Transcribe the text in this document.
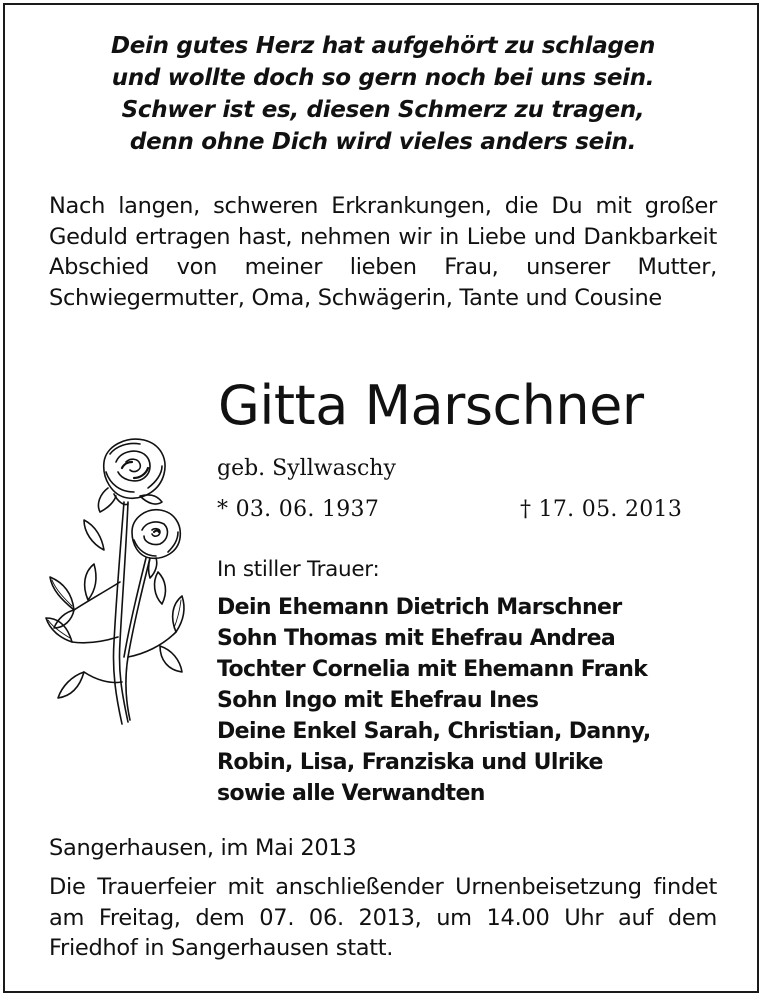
Dein gutes Herz hat aufgehört zu schlagen
und wollte doch so gern noch bei uns sein.
Schwer ist es, diesen Schmerz zu tragen,
denn ohne Dich wird vieles anders sein.
Nach langen, schweren Erkrankungen, die Du mit großer Geduld ertragen hast, nehmen wir in Liebe und Dankbarkeit Abschied von meiner lieben Frau, unserer Mutter, Schwiegermutter, Oma, Schwägerin, Tante und Cousine
Gitta Marschner
geb. Syllwaschy
* 03. 06. 1937	† 17. 05. 2013
In stiller Trauer:
Dein Ehemann Dietrich Marschner
Sohn Thomas mit Ehefrau Andrea
Tochter Cornelia mit Ehemann Frank
Sohn Ingo mit Ehefrau Ines
Deine Enkel Sarah, Christian, Danny,
Robin, Lisa, Franziska und Ulrike
sowie alle Verwandten
Sangerhausen, im Mai 2013
Die Trauerfeier mit anschließender Urnenbeisetzung findet am Freitag, dem 07. 06. 2013, um 14.00 Uhr auf dem Friedhof in Sangerhausen statt.
